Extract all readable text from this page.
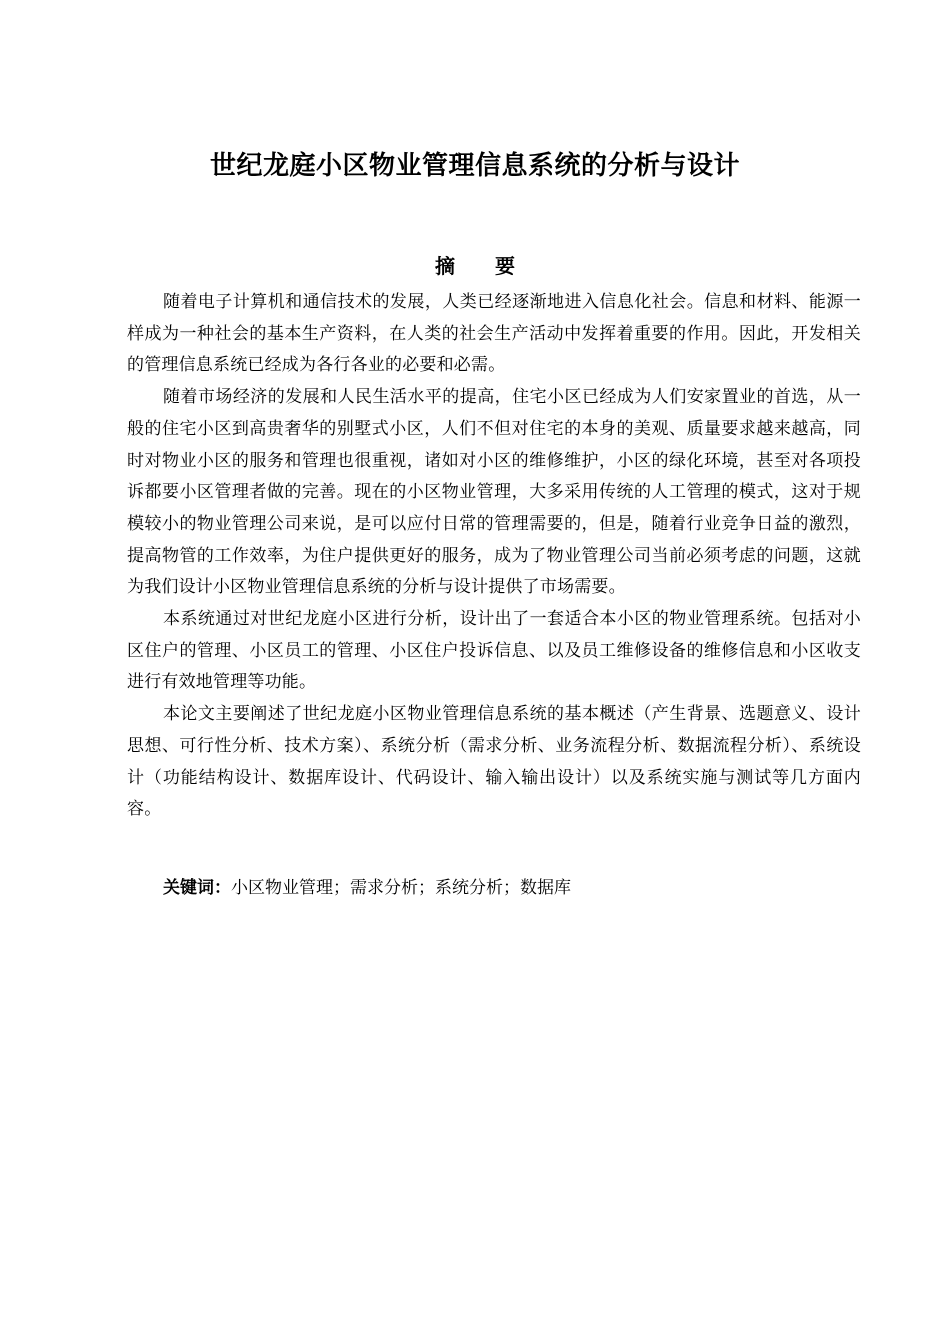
世纪龙庭小区物业管理信息系统的分析与设计
摘　　要

随着电子计算机和通信技术的发展，人类已经逐渐地进入信息化社会。信息和材料、能源一样成为一种社会的基本生产资料，在人类的社会生产活动中发挥着重要的作用。因此，开发相关的管理信息系统已经成为各行各业的必要和必需。

随着市场经济的发展和人民生活水平的提高，住宅小区已经成为人们安家置业的首选，从一般的住宅小区到高贵奢华的别墅式小区，人们不但对住宅的本身的美观、质量要求越来越高，同时对物业小区的服务和管理也很重视，诸如对小区的维修维护，小区的绿化环境，甚至对各项投诉都要小区管理者做的完善。现在的小区物业管理，大多采用传统的人工管理的模式，这对于规模较小的物业管理公司来说，是可以应付日常的管理需要的，但是，随着行业竞争日益的激烈，提高物管的工作效率，为住户提供更好的服务，成为了物业管理公司当前必须考虑的问题，这就为我们设计小区物业管理信息系统的分析与设计提供了市场需要。

本系统通过对世纪龙庭小区进行分析，设计出了一套适合本小区的物业管理系统。包括对小区住户的管理、小区员工的管理、小区住户投诉信息、以及员工维修设备的维修信息和小区收支进行有效地管理等功能。

本论文主要阐述了世纪龙庭小区物业管理信息系统的基本概述（产生背景、选题意义、设计思想、可行性分析、技术方案）、系统分析（需求分析、业务流程分析、数据流程分析）、系统设计（功能结构设计、数据库设计、代码设计、输入输出设计）以及系统实施与测试等几方面内容。

关键词：小区物业管理；需求分析；系统分析；数据库
